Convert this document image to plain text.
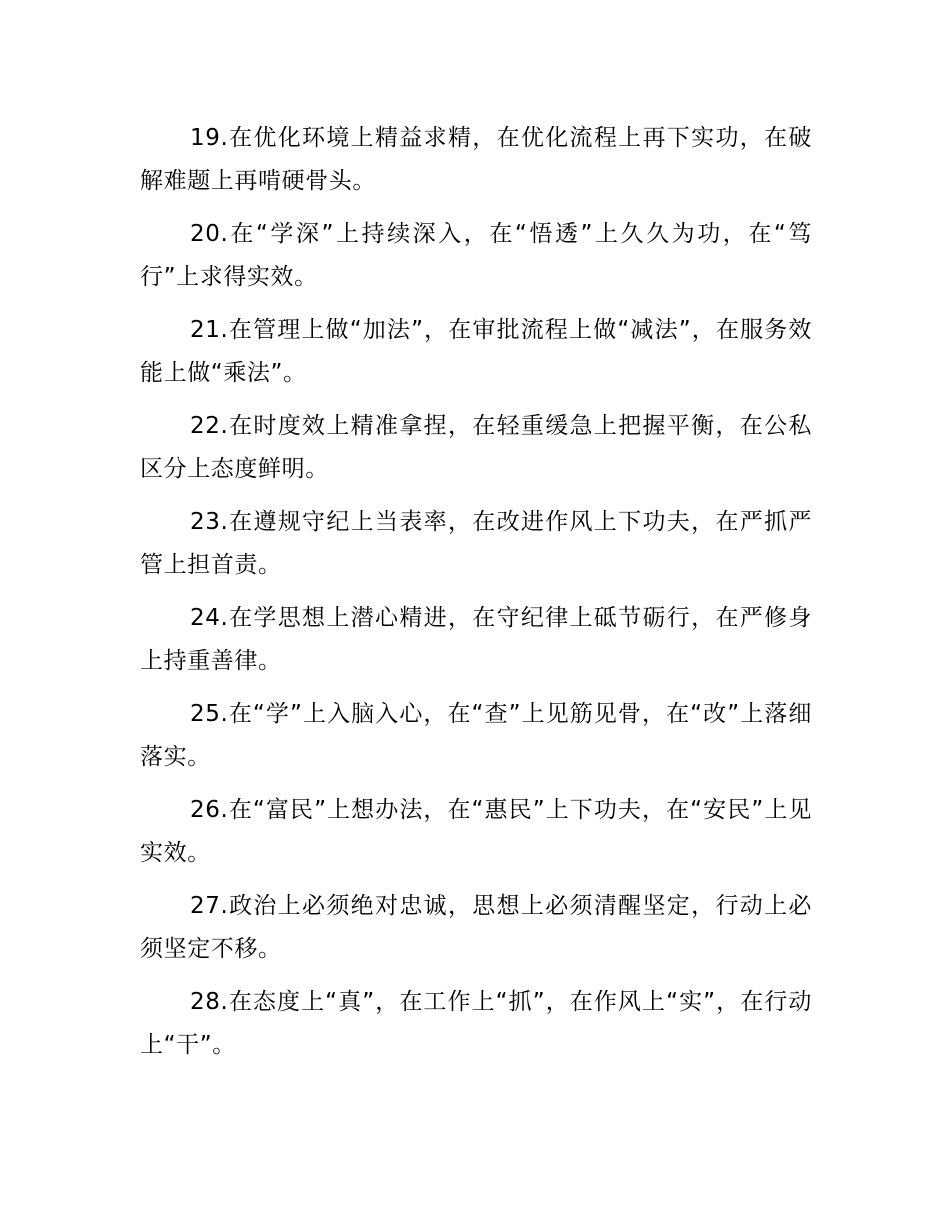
19.在优化环境上精益求精，在优化流程上再下实功，在破解难题上再啃硬骨头。

20.在“学深”上持续深入，在“悟透”上久久为功，在“笃行”上求得实效。

21.在管理上做“加法”，在审批流程上做“减法”，在服务效能上做“乘法”。

22.在时度效上精准拿捏，在轻重缓急上把握平衡，在公私区分上态度鲜明。

23.在遵规守纪上当表率，在改进作风上下功夫，在严抓严管上担首责。

24.在学思想上潜心精进，在守纪律上砥节砺行，在严修身上持重善律。

25.在“学”上入脑入心，在“查”上见筋见骨，在“改”上落细落实。

26.在“富民”上想办法，在“惠民”上下功夫，在“安民”上见实效。

27.政治上必须绝对忠诚，思想上必须清醒坚定，行动上必须坚定不移。

28.在态度上“真”，在工作上“抓”，在作风上“实”，在行动上“干”。
